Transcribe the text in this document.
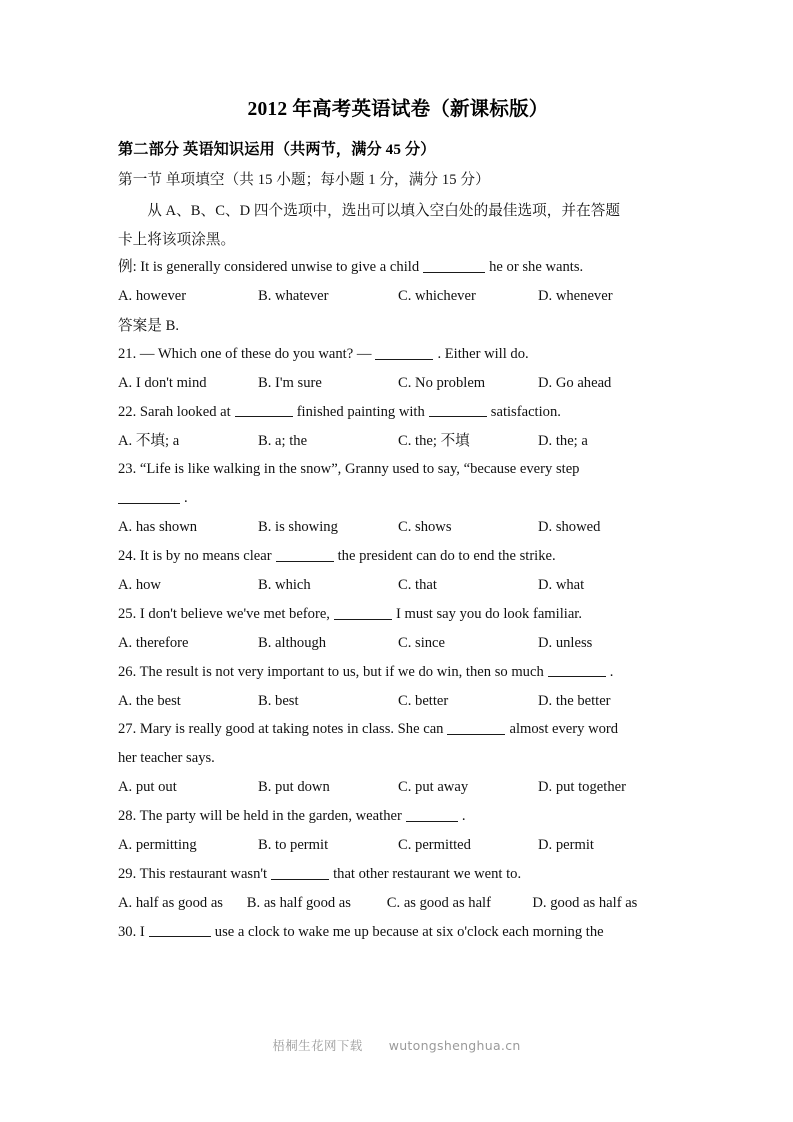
2012 年高考英语试卷（新课标版）
第二部分 英语知识运用（共两节，满分 45 分）
第一节 单项填空（共 15 小题；每小题 1 分，满分 15 分）

从 A、B、C、D 四个选项中，选出可以填入空白处的最佳选项，并在答题

卡上将该项涂黑。

例: It is generally considered unwise to give a child	he or she wants.

A. however	B. whatever	C. whichever	D. whenever

答案是 B.

21. — Which one of these do you want? —	. Either will do.

A. I don't mind	B. I'm sure	C. No problem	D. Go ahead

22. Sarah looked at	finished painting with	satisfaction.

A. 不填; a	B. a; the	C. the; 不填	D. the; a

23. “Life is like walking in the snow”, Granny used to say, “because every step

.

A. has shown	B. is showing	C. shows	D. showed

24. It is by no means clear	the president can do to end the strike.

A. how	B. which	C. that	D. what

25. I don't believe we've met before,	I must say you do look familiar.

A. therefore	B. although	C. since	D. unless

26. The result is not very important to us, but if we do win, then so much	.

A. the best	B. best	C. better	D. the better

27. Mary is really good at taking notes in class. She can	almost every word

her teacher says.

A. put out	B. put down	C. put away	D. put together

28. The party will be held in the garden, weather	.

A. permitting	B. to permit	C. permitted	D. permit

29. This restaurant wasn't	that other restaurant we went to.

A. half as good as	B. as half good as	C. as good as half	D. good as half as

30. I	use a clock to wake me up because at six o'clock each morning the

梧桐生花网下载 wutongshenghua.cn
